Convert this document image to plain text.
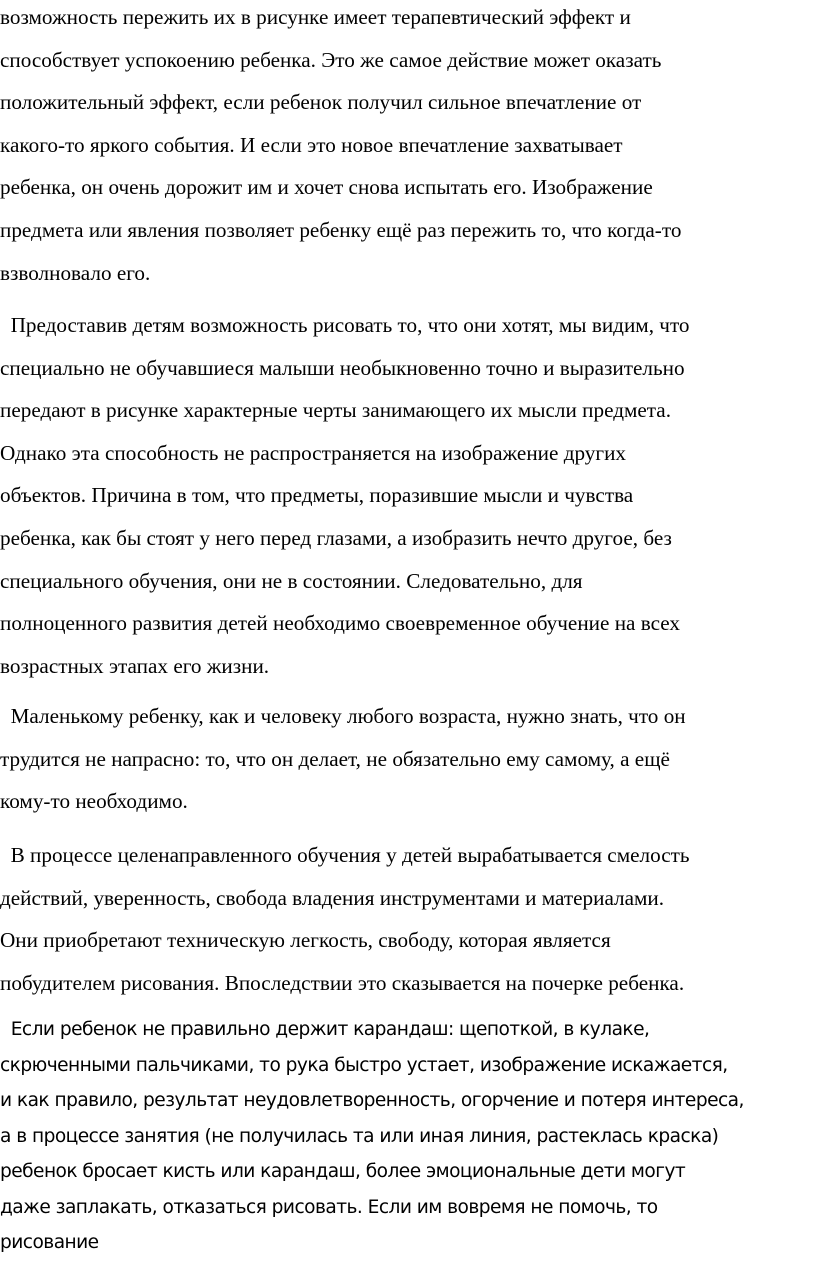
возможность пережить их в рисунке имеет терапевтический эффект и
способствует успокоению ребенка. Это же самое действие может оказать
положительный эффект, если ребенок получил сильное впечатление от
какого-то яркого события. И если это новое впечатление захватывает
ребенка, он очень дорожит им и хочет снова испытать его. Изображение
предмета или явления позволяет ребенку ещё раз пережить то, что когда-то
взволновало его.

Предоставив детям возможность рисовать то, что они хотят, мы видим, что
специально не обучавшиеся малыши необыкновенно точно и выразительно
передают в рисунке характерные черты занимающего их мысли предмета.
Однако эта способность не распространяется на изображение других
объектов. Причина в том, что предметы, поразившие мысли и чувства
ребенка, как бы стоят у него перед глазами, а изобразить нечто другое, без
специального обучения, они не в состоянии. Следовательно, для
полноценного развития детей необходимо своевременное обучение на всех
возрастных этапах его жизни.

Маленькому ребенку, как и человеку любого возраста, нужно знать, что он
трудится не напрасно: то, что он делает, не обязательно ему самому, а ещё
кому-то необходимо.

В процессе целенаправленного обучения у детей вырабатывается смелость
действий, уверенность, свобода владения инструментами и материалами.
Они приобретают техническую легкость, свободу, которая является
побудителем рисования. Впоследствии это сказывается на почерке ребенка.

Если ребенок не правильно держит карандаш: щепоткой, в кулаке,
скрюченными пальчиками, то рука быстро устает, изображение искажается,
и как правило, результат неудовлетворенность, огорчение и потеря интереса,
а в процессе занятия (не получилась та или иная линия, растеклась краска)
ребенок бросает кисть или карандаш, более эмоциональные дети могут
даже заплакать, отказаться рисовать. Если им вовремя не помочь, то
рисование
